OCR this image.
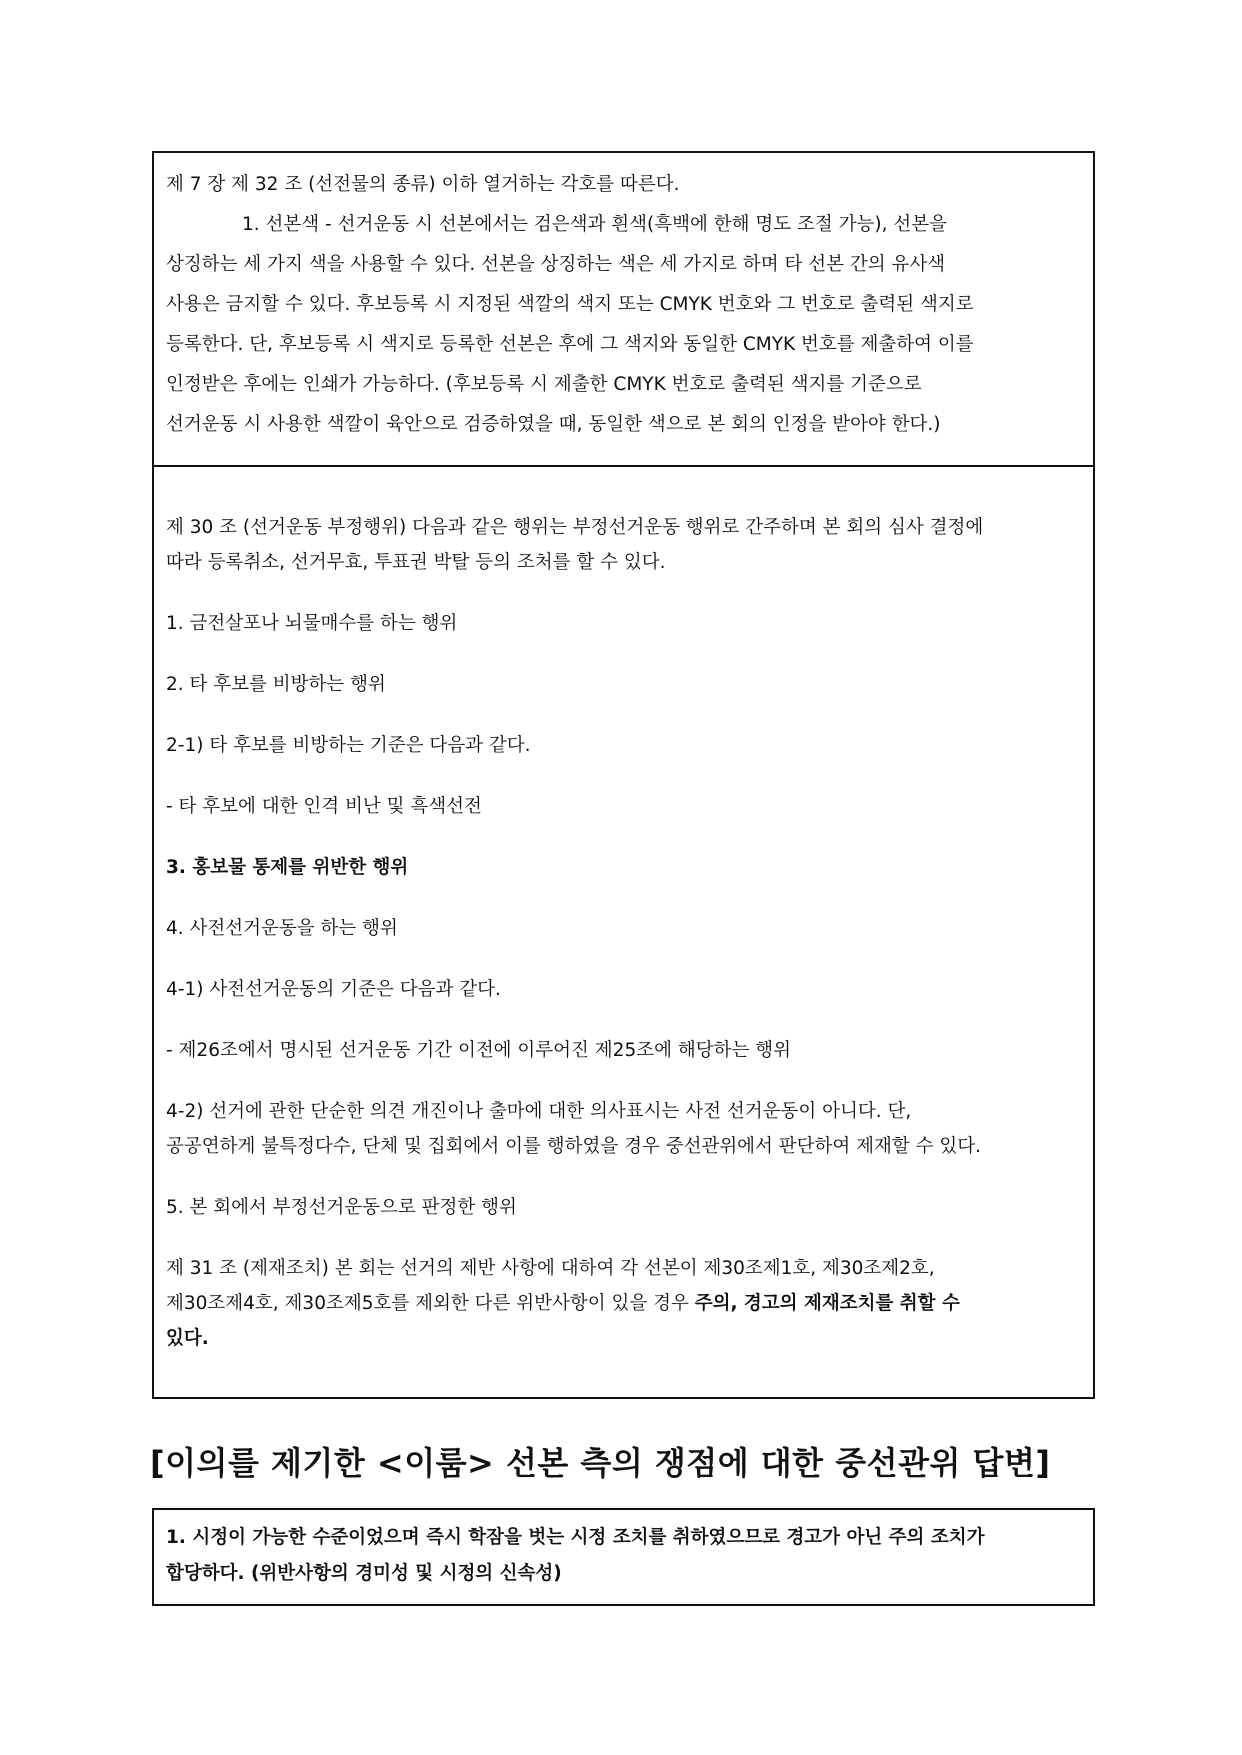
제 7 장 제 32 조 (선전물의 종류) 이하 열거하는 각호를 따른다.

1. 선본색 - 선거운동 시 선본에서는 검은색과 흰색(흑백에 한해 명도 조절 가능), 선본을

상징하는 세 가지 색을 사용할 수 있다. 선본을 상징하는 색은 세 가지로 하며 타 선본 간의 유사색

사용은 금지할 수 있다. 후보등록 시 지정된 색깔의 색지 또는 CMYK 번호와 그 번호로 출력된 색지로

등록한다. 단, 후보등록 시 색지로 등록한 선본은 후에 그 색지와 동일한 CMYK 번호를 제출하여 이를

인정받은 후에는 인쇄가 가능하다. (후보등록 시 제출한 CMYK 번호로 출력된 색지를 기준으로

선거운동 시 사용한 색깔이 육안으로 검증하였을 때, 동일한 색으로 본 회의 인정을 받아야 한다.)

제 30 조 (선거운동 부정행위) 다음과 같은 행위는 부정선거운동 행위로 간주하며 본 회의 심사 결정에

따라 등록취소, 선거무효, 투표권 박탈 등의 조처를 할 수 있다.

1. 금전살포나 뇌물매수를 하는 행위

2. 타 후보를 비방하는 행위

2-1) 타 후보를 비방하는 기준은 다음과 같다.

- 타 후보에 대한 인격 비난 및 흑색선전

3. 홍보물 통제를 위반한 행위

4. 사전선거운동을 하는 행위

4-1) 사전선거운동의 기준은 다음과 같다.

- 제26조에서 명시된 선거운동 기간 이전에 이루어진 제25조에 해당하는 행위

4-2) 선거에 관한 단순한 의견 개진이나 출마에 대한 의사표시는 사전 선거운동이 아니다. 단,

공공연하게 불특정다수, 단체 및 집회에서 이를 행하였을 경우 중선관위에서 판단하여 제재할 수 있다.

5. 본 회에서 부정선거운동으로 판정한 행위

제 31 조 (제재조치) 본 회는 선거의 제반 사항에 대하여 각 선본이 제30조제1호, 제30조제2호,

제30조제4호, 제30조제5호를 제외한 다른 위반사항이 있을 경우 주의, 경고의 제재조치를 취할 수

있다.

[이의를 제기한 <이룸> 선본 측의 쟁점에 대한 중선관위 답변]

1. 시정이 가능한 수준이었으며 즉시 학잠을 벗는 시정 조치를 취하였으므로 경고가 아닌 주의 조치가

합당하다. (위반사항의 경미성 및 시정의 신속성)
